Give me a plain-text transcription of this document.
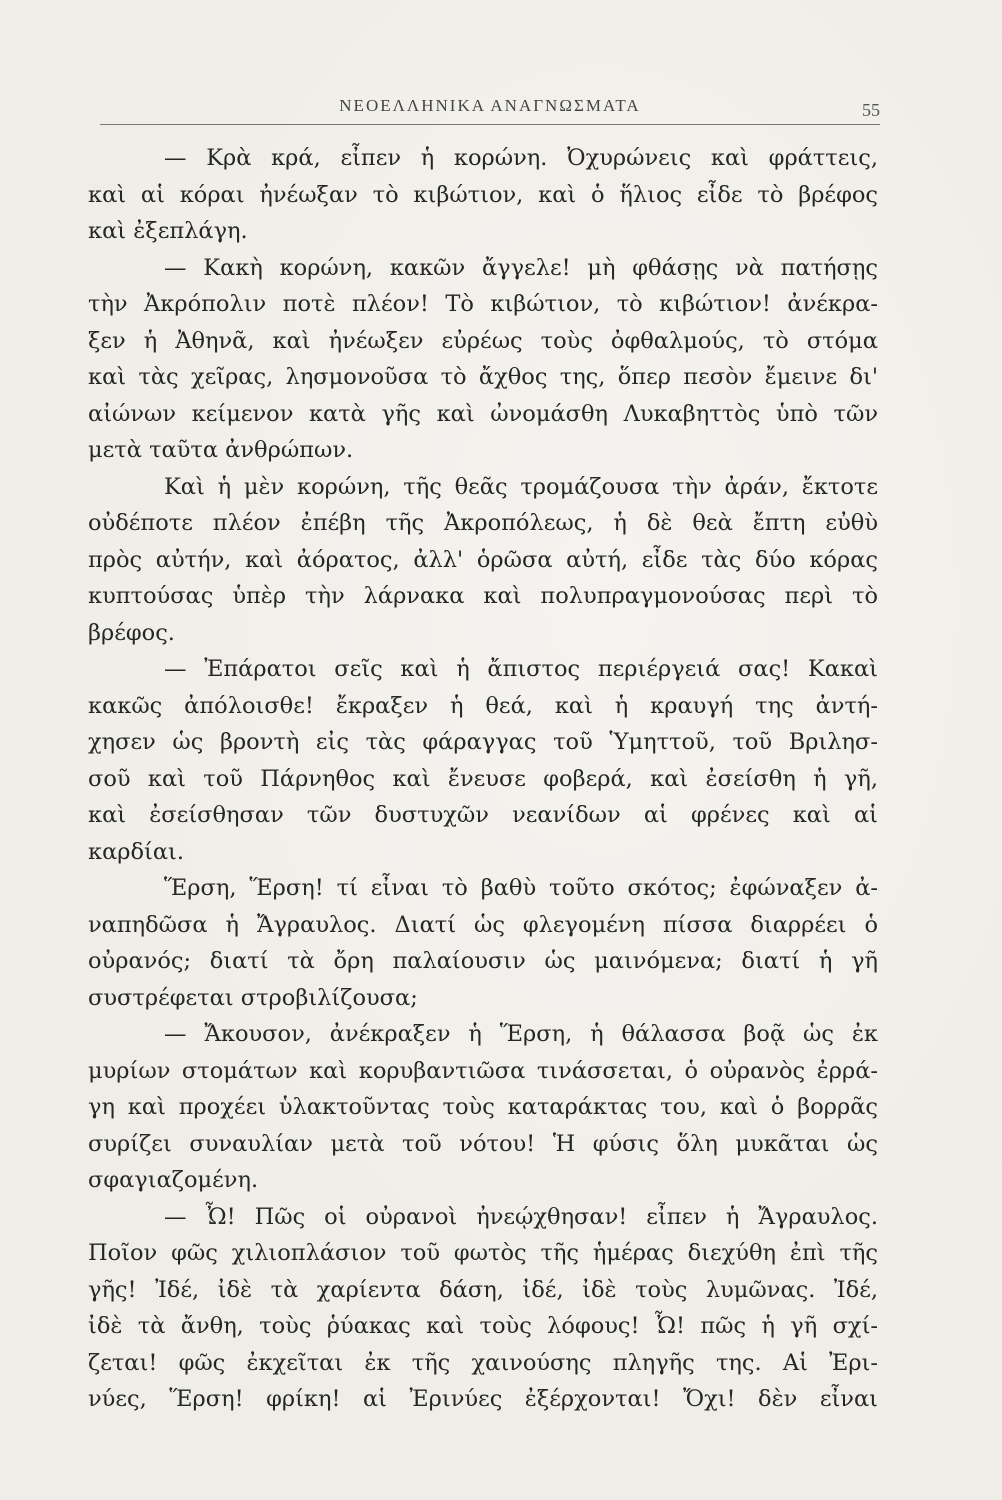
ΝΕΟΕΛΛΗΝΙΚΑ ΑΝΑΓΝΩΣΜΑΤΑ	55
— Κρὰ κρά, εἶπεν ἡ κορώνη. Ὀχυρώνεις καὶ φράττεις,
καὶ αἱ κόραι ἠνέωξαν τὸ κιβώτιον, καὶ ὁ ἥλιος εἶδε τὸ βρέφος
καὶ ἐξεπλάγη.
— Κακὴ κορώνη, κακῶν ἄγγελε! μὴ φθάσῃς νὰ πατήσῃς
τὴν Ἀκρόπολιν ποτὲ πλέον! Τὸ κιβώτιον, τὸ κιβώτιον! ἀνέκρα-
ξεν ἡ Ἀθηνᾶ, καὶ ἠνέωξεν εὐρέως τοὺς ὀφθαλμούς, τὸ στόμα
καὶ τὰς χεῖρας, λησμονοῦσα τὸ ἄχθος της, ὅπερ πεσὸν ἔμεινε δι'
αἰώνων κείμενον κατὰ γῆς καὶ ὠνομάσθη Λυκαβηττὸς ὑπὸ τῶν
μετὰ ταῦτα ἀνθρώπων.
Καὶ ἡ μὲν κορώνη, τῆς θεᾶς τρομάζουσα τὴν ἀράν, ἔκτοτε
οὐδέποτε πλέον ἐπέβη τῆς Ἀκροπόλεως, ἡ δὲ θεὰ ἔπτη εὐθὺ
πρὸς αὐτήν, καὶ ἀόρατος, ἀλλ' ὁρῶσα αὐτή, εἶδε τὰς δύο κόρας
κυπτούσας ὑπὲρ τὴν λάρνακα καὶ πολυπραγμονούσας περὶ τὸ
βρέφος.
— Ἐπάρατοι σεῖς καὶ ἡ ἄπιστος περιέργειά σας! Κακαὶ
κακῶς ἀπόλοισθε! ἔκραξεν ἡ θεά, καὶ ἡ κραυγή της ἀντή-
χησεν ὡς βροντὴ εἰς τὰς φάραγγας τοῦ Ὑμηττοῦ, τοῦ Βριλησ-
σοῦ καὶ τοῦ Πάρνηθος καὶ ἔνευσε φοβερά, καὶ ἐσείσθη ἡ γῆ,
καὶ ἐσείσθησαν τῶν δυστυχῶν νεανίδων αἱ φρένες καὶ αἱ
καρδίαι.
Ἕρση, Ἕρση! τί εἶναι τὸ βαθὺ τοῦτο σκότος; ἐφώναξεν ἀ-
ναπηδῶσα ἡ Ἄγραυλος. Διατί ὡς φλεγομένη πίσσα διαρρέει ὁ
οὐρανός; διατί τὰ ὄρη παλαίουσιν ὡς μαινόμενα; διατί ἡ γῆ
συστρέφεται στροβιλίζουσα;
— Ἄκουσον, ἀνέκραξεν ἡ Ἕρση, ἡ θάλασσα βοᾷ ὡς ἐκ
μυρίων στομάτων καὶ κορυβαντιῶσα τινάσσεται, ὁ οὐρανὸς ἐρρά-
γη καὶ προχέει ὑλακτοῦντας τοὺς καταράκτας του, καὶ ὁ βορρᾶς
συρίζει συναυλίαν μετὰ τοῦ νότου! Ἡ φύσις ὅλη μυκᾶται ὡς
σφαγιαζομένη.
— Ὦ! Πῶς οἱ οὐρανοὶ ἠνεῴχθησαν! εἶπεν ἡ Ἄγραυλος.
Ποῖον φῶς χιλιοπλάσιον τοῦ φωτὸς τῆς ἡμέρας διεχύθη ἐπὶ τῆς
γῆς! Ἰδέ, ἰδὲ τὰ χαρίεντα δάση, ἰδέ, ἰδὲ τοὺς λυμῶνας. Ἰδέ,
ἰδὲ τὰ ἄνθη, τοὺς ῥύακας καὶ τοὺς λόφους! Ὦ! πῶς ἡ γῆ σχί-
ζεται! φῶς ἐκχεῖται ἐκ τῆς χαινούσης πληγῆς της. Αἱ Ἐρι-
νύες, Ἕρση! φρίκη! αἱ Ἐρινύες ἐξέρχονται! Ὄχι! δὲν εἶναι
